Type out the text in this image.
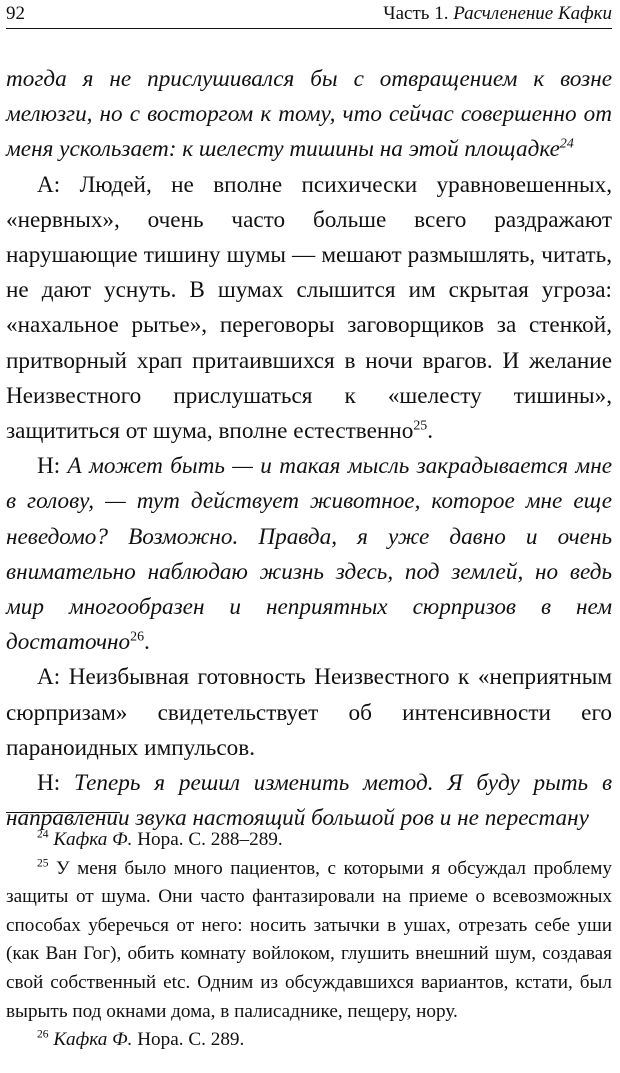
92	Часть 1. Расчленение Кафки

тогда я не прислушивался бы с отвращением к возне мелюзги, но с восторгом к тому, что сейчас совершенно от меня ускользает: к шелесту тишины на этой площадке$^{24}$

А: Людей, не вполне психически уравновешенных, «нервных», очень часто больше всего раздражают нарушающие тишину шумы — мешают размышлять, читать, не дают уснуть. В шумах слышится им скрытая угроза: «нахальное рытье», переговоры заговорщиков за стенкой, притворный храп притаившихся в ночи врагов. И желание Неизвестного прислушаться к «шелесту тишины», защититься от шума, вполне естественно$^{25}$.

Н: А может быть — и такая мысль закрадывается мне в голову, — тут действует животное, которое мне еще неведомо? Возможно. Правда, я уже давно и очень внимательно наблюдаю жизнь здесь, под землей, но ведь мир многообразен и неприятных сюрпризов в нем достаточно$^{26}$.

А: Неизбывная готовность Неизвестного к «неприятным сюрпризам» свидетельствует об интенсивности его параноидных импульсов.

Н: Теперь я решил изменить метод. Я буду рыть в направлении звука настоящий большой ров и не перестану

$^{24}$ Кафка Ф. Нора. С. 288–289.

$^{25}$ У меня было много пациентов, с которыми я обсуждал проблему защиты от шума. Они часто фантазировали на приеме о всевозможных способах уберечься от него: носить затычки в ушах, отрезать себе уши (как Ван Гог), обить комнату войлоком, глушить внешний шум, создавая свой собственный etc. Одним из обсуждавшихся вариантов, кстати, был вырыть под окнами дома, в палисаднике, пещеру, нору.

$^{26}$ Кафка Ф. Нора. С. 289.
